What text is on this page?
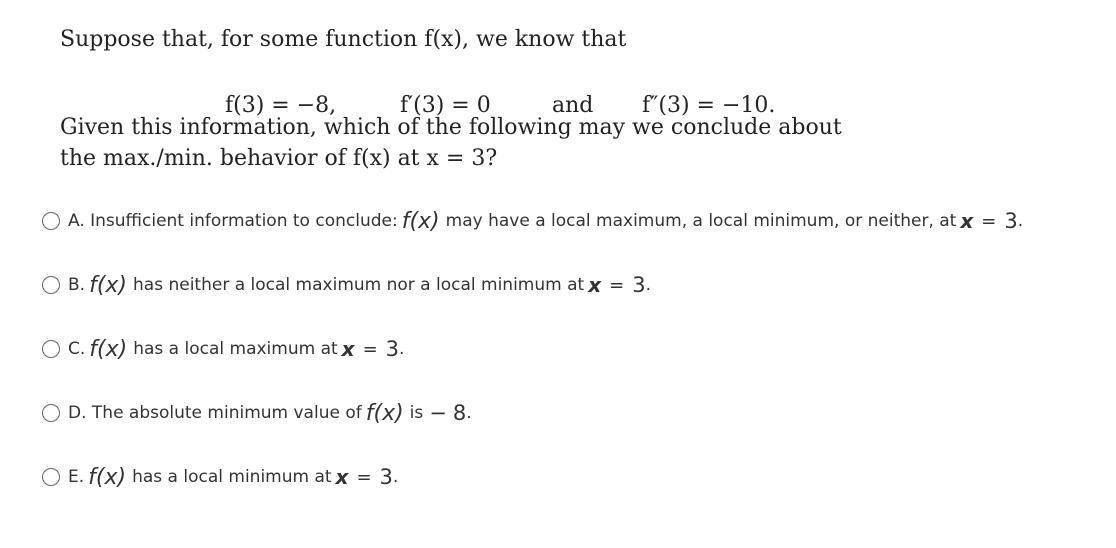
Suppose that, for some function f(x), we know that
f(3) = −8,	f′(3) = 0	and f″(3) = −10.
Given this information, which of the following may we conclude about
the max./min. behavior of f(x) at x = 3?
A.
Insufficient information to conclude: f(x) may have a local maximum, a local minimum, or neither, at x = 3 .
B. f(x) has neither a local maximum nor a local minimum at x = 3 .
C. f(x) has a local maximum at x = 3 .
D.
The absolute minimum value of f(x) is − 8 .
E. f(x) has a local minimum at x = 3 .
